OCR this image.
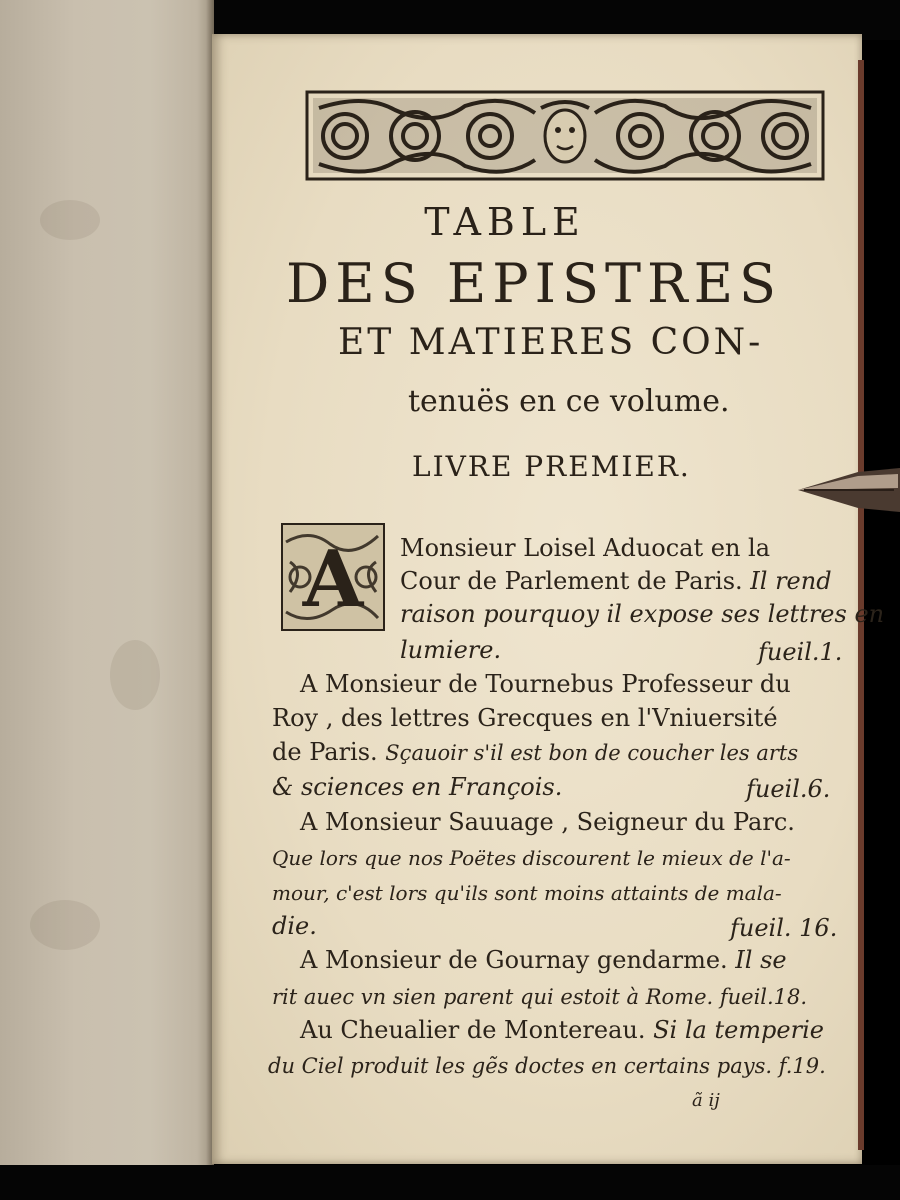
TABLE
DES EPISTRES
ET MATIERES CON-
tenuës en ce volume.
LIVRE PREMIER.
A Monsieur Loisel Aduocat en la
Cour de Parlement de Paris. Il rend
raison pourquoy il expose ses lettres en
lumiere.	fueil.1.
A Monsieur de Tournebus Professeur du
Roy , des lettres Grecques en l'Vniuersité
de Paris. Sçauoir s'il est bon de coucher les arts
& sciences en François.	fueil.6.
A Monsieur Sauuage , Seigneur du Parc.
Que lors que nos Poëtes discourent le mieux de l'a-
mour, c'est lors qu'ils sont moins attaints de mala-
die.	fueil. 16.
A Monsieur de Gournay gendarme. Il se
rit auec vn sien parent qui estoit à Rome. fueil.18.
Au Cheualier de Montereau. Si la temperie
du Ciel produit les gẽs doctes en certains pays. f.19.
ã ij
